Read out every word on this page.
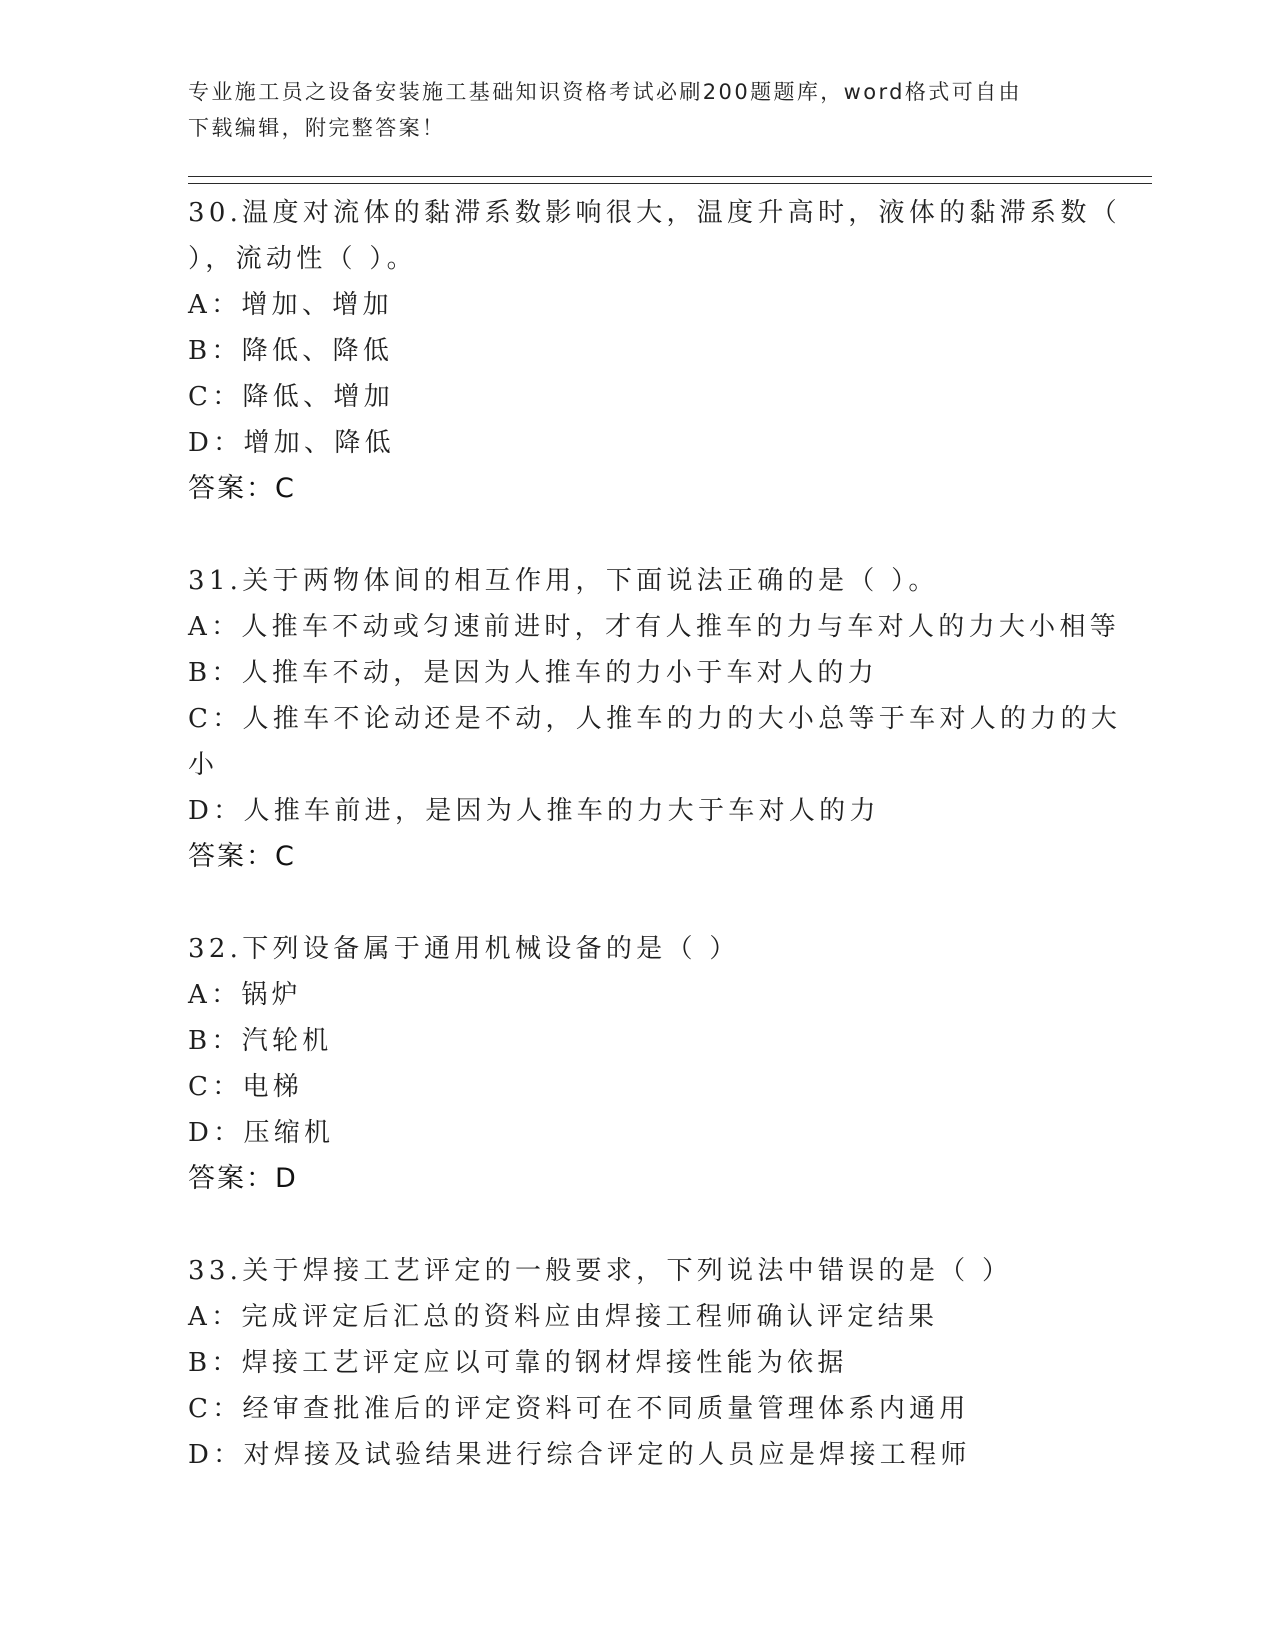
专业施工员之设备安装施工基础知识资格考试必刷200题题库，word格式可自由
下载编辑，附完整答案！
30.温度对流体的黏滞系数影响很大，温度升高时，液体的黏滞系数（
），流动性（ ）。
A：增加、增加
B：降低、降低
C：降低、增加
D：增加、降低
答案：C
31.关于两物体间的相互作用，下面说法正确的是（ ）。
A：人推车不动或匀速前进时，才有人推车的力与车对人的力大小相等
B：人推车不动，是因为人推车的力小于车对人的力
C：人推车不论动还是不动，人推车的力的大小总等于车对人的力的大
小
D：人推车前进，是因为人推车的力大于车对人的力
答案：C
32.下列设备属于通用机械设备的是（ ）
A：锅炉
B：汽轮机
C：电梯
D：压缩机
答案：D
33.关于焊接工艺评定的一般要求，下列说法中错误的是（ ）
A：完成评定后汇总的资料应由焊接工程师确认评定结果
B：焊接工艺评定应以可靠的钢材焊接性能为依据
C：经审查批准后的评定资料可在不同质量管理体系内通用
D：对焊接及试验结果进行综合评定的人员应是焊接工程师
